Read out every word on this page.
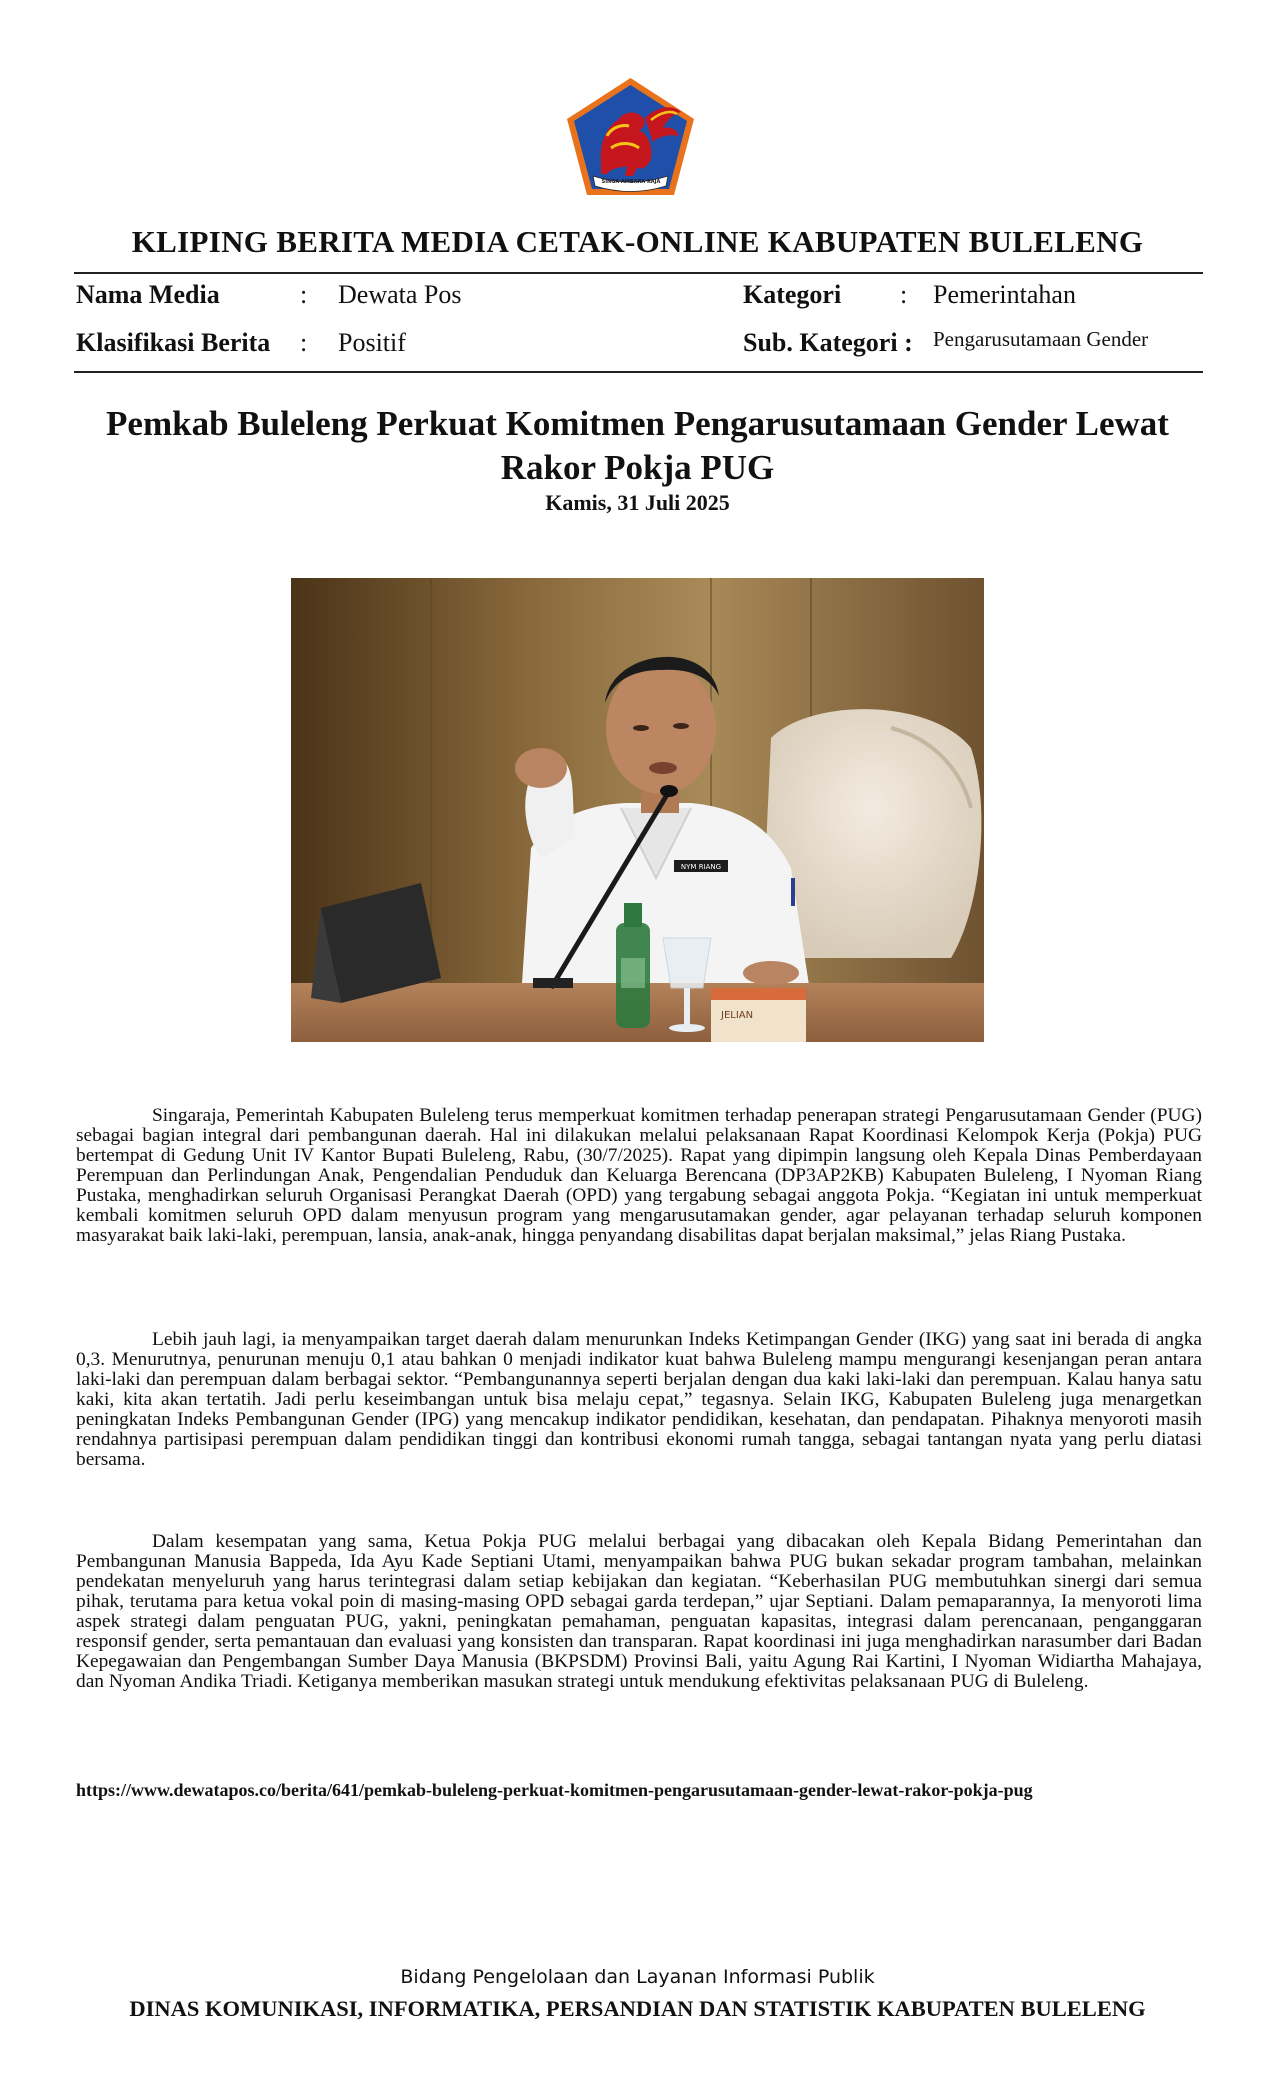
SINGA AMBARA RAJA
KLIPING BERITA MEDIA CETAK-ONLINE KABUPATEN BULELENG
Nama Media	: Dewata Pos	Kategori : Pemerintahan
Klasifikasi Berita : Positif	Sub. Kategori : Pengarusutamaan Gender
Pemkab Buleleng Perkuat Komitmen Pengarusutamaan Gender Lewat Rakor Pokja PUG
Kamis, 31 Juli 2025
NYM RIANG
JELIAN

Singaraja, Pemerintah Kabupaten Buleleng terus memperkuat komitmen terhadap penerapan strategi Pengarusutamaan Gender (PUG) sebagai bagian integral dari pembangunan daerah. Hal ini dilakukan melalui pelaksanaan Rapat Koordinasi Kelompok Kerja (Pokja) PUG bertempat di Gedung Unit IV Kantor Bupati Buleleng, Rabu, (30/7/2025). Rapat yang dipimpin langsung oleh Kepala Dinas Pemberdayaan Perempuan dan Perlindungan Anak, Pengendalian Penduduk dan Keluarga Berencana (DP3AP2KB) Kabupaten Buleleng, I Nyoman Riang Pustaka, menghadirkan seluruh Organisasi Perangkat Daerah (OPD) yang tergabung sebagai anggota Pokja. “Kegiatan ini untuk memperkuat kembali komitmen seluruh OPD dalam menyusun program yang mengarusutamakan gender, agar pelayanan terhadap seluruh komponen masyarakat baik laki-laki, perempuan, lansia, anak-anak, hingga penyandang disabilitas dapat berjalan maksimal,” jelas Riang Pustaka.

Lebih jauh lagi, ia menyampaikan target daerah dalam menurunkan Indeks Ketimpangan Gender (IKG) yang saat ini berada di angka 0,3. Menurutnya, penurunan menuju 0,1 atau bahkan 0 menjadi indikator kuat bahwa Buleleng mampu mengurangi kesenjangan peran antara laki-laki dan perempuan dalam berbagai sektor. “Pembangunannya seperti berjalan dengan dua kaki laki-laki dan perempuan. Kalau hanya satu kaki, kita akan tertatih. Jadi perlu keseimbangan untuk bisa melaju cepat,” tegasnya. Selain IKG, Kabupaten Buleleng juga menargetkan peningkatan Indeks Pembangunan Gender (IPG) yang mencakup indikator pendidikan, kesehatan, dan pendapatan. Pihaknya menyoroti masih rendahnya partisipasi perempuan dalam pendidikan tinggi dan kontribusi ekonomi rumah tangga, sebagai tantangan nyata yang perlu diatasi bersama.

Dalam kesempatan yang sama, Ketua Pokja PUG melalui berbagai yang dibacakan oleh Kepala Bidang Pemerintahan dan Pembangunan Manusia Bappeda, Ida Ayu Kade Septiani Utami, menyampaikan bahwa PUG bukan sekadar program tambahan, melainkan pendekatan menyeluruh yang harus terintegrasi dalam setiap kebijakan dan kegiatan. “Keberhasilan PUG membutuhkan sinergi dari semua pihak, terutama para ketua vokal poin di masing-masing OPD sebagai garda terdepan,” ujar Septiani. Dalam pemaparannya, Ia menyoroti lima aspek strategi dalam penguatan PUG, yakni, peningkatan pemahaman, penguatan kapasitas, integrasi dalam perencanaan, penganggaran responsif gender, serta pemantauan dan evaluasi yang konsisten dan transparan. Rapat koordinasi ini juga menghadirkan narasumber dari Badan Kepegawaian dan Pengembangan Sumber Daya Manusia (BKPSDM) Provinsi Bali, yaitu Agung Rai Kartini, I Nyoman Widiartha Mahajaya, dan Nyoman Andika Triadi. Ketiganya memberikan masukan strategi untuk mendukung efektivitas pelaksanaan PUG di Buleleng.

https://www.dewatapos.co/berita/641/pemkab-buleleng-perkuat-komitmen-pengarusutamaan-gender-lewat-rakor-pokja-pug
Bidang Pengelolaan dan Layanan Informasi Publik
DINAS KOMUNIKASI, INFORMATIKA, PERSANDIAN DAN STATISTIK KABUPATEN BULELENG
